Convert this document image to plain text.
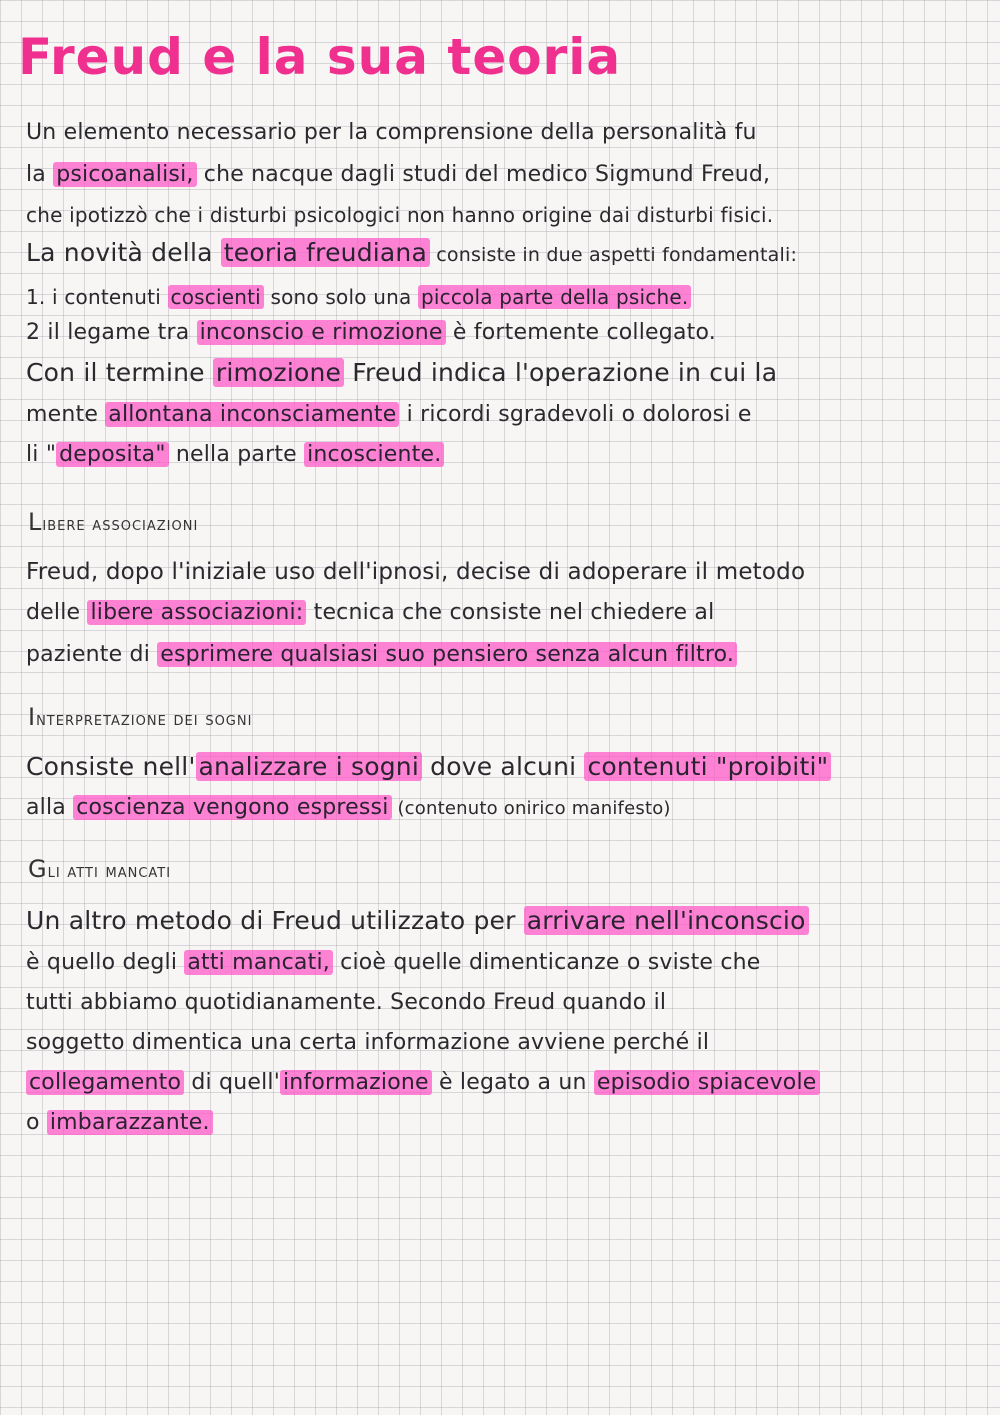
Freud e la sua teoria
Un elemento necessario per la comprensione della personalità fu
la psicoanalisi, che nacque dagli studi del medico Sigmund Freud,
che ipotizzò che i disturbi psicologici non hanno origine dai disturbi fisici.
La novità della teoria freudiana consiste in due aspetti fondamentali:
1. i contenuti coscienti sono solo una piccola parte della psiche.
2 il legame tra inconscio e rimozione è fortemente collegato.
Con il termine rimozione Freud indica l'operazione in cui la
mente allontana inconsciamente i ricordi sgradevoli o dolorosi e
li " deposita" nella parte incosciente.
Libere associazioni
Freud, dopo l'iniziale uso dell'ipnosi, decise di adoperare il metodo
delle libere associazioni: tecnica che consiste nel chiedere al
paziente di esprimere qualsiasi suo pensiero senza alcun filtro.
Interpretazione dei sogni
Consiste nell' analizzare i sogni dove alcuni contenuti "proibiti"
alla coscienza vengono espressi (contenuto onirico manifesto)
Gli atti mancati
Un altro metodo di Freud utilizzato per arrivare nell'inconscio
è quello degli atti mancati, cioè quelle dimenticanze o sviste che
tutti abbiamo quotidianamente. Secondo Freud quando il
soggetto dimentica una certa informazione avviene perché il
collegamento di quell' informazione è legato a un episodio spiacevole
o imbarazzante.
